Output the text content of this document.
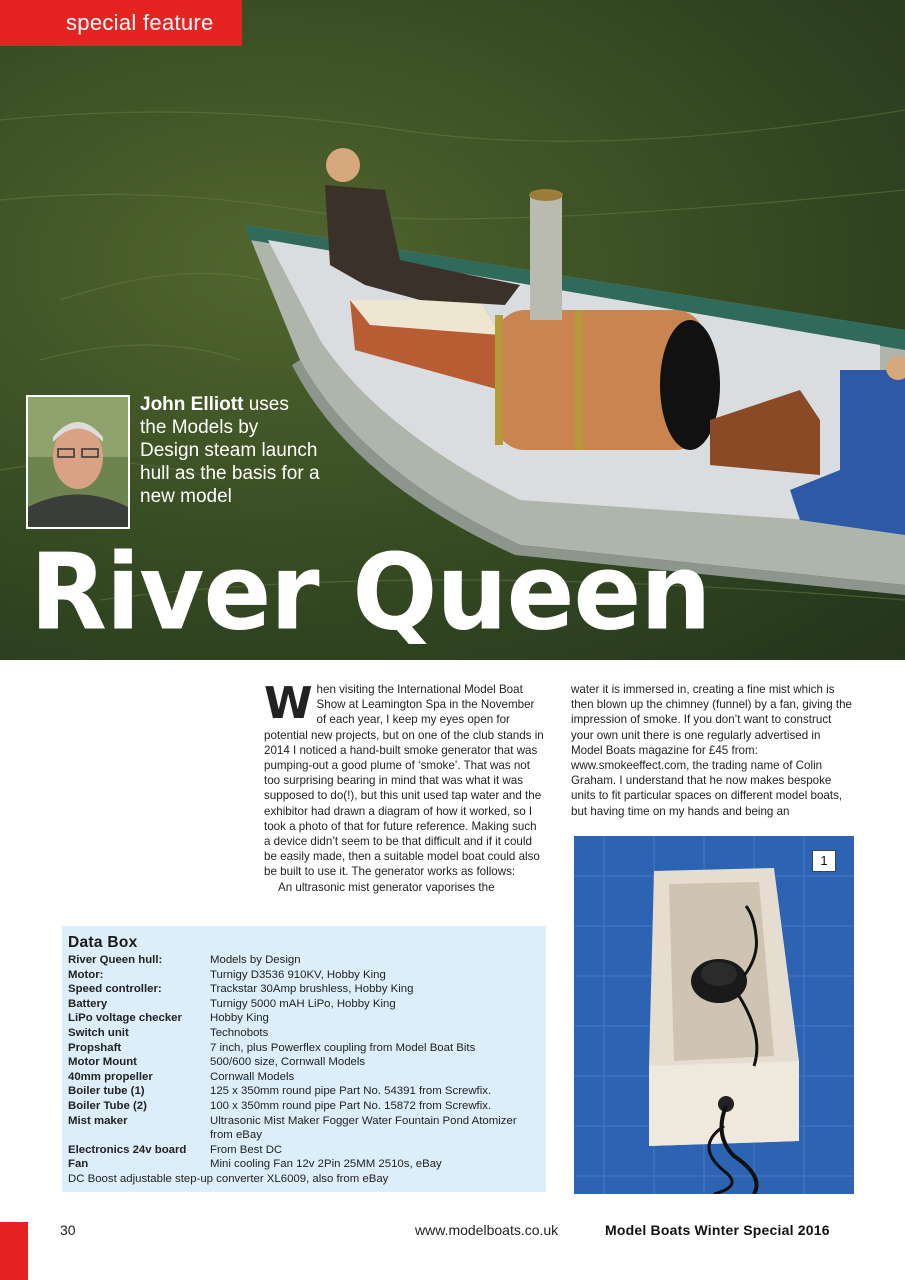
special feature
John Elliott uses the Models by Design steam launch hull as the basis for a new model
River Queen
W hen visiting the International Model Boat Show at Leamington Spa in the November of each year, I keep my eyes open for potential new projects, but on one of the club stands in 2014 I noticed a hand-built smoke generator that was pumping-out a good plume of ‘smoke’. That was not too surprising bearing in mind that was what it was supposed to do(!), but this unit used tap water and the exhibitor had drawn a diagram of how it worked, so I took a photo of that for future reference. Making such a device didn’t seem to be that difficult and if it could be easily made, then a suitable model boat could also be built to use it. The generator works as follows:

An ultrasonic mist generator vaporises the

water it is immersed in, creating a fine mist which is then blown up the chimney (funnel) by a fan, giving the impression of smoke. If you don’t want to construct your own unit there is one regularly advertised in Model Boats magazine for £45 from: www.smokeeffect.com, the trading name of Colin Graham. I understand that he now makes bespoke units to fit particular spaces on different model boats, but having time on my hands and being an

Data Box
River Queen hull:	Models by Design
Motor:	Turnigy D3536 910KV, Hobby King
Speed controller:	Trackstar 30Amp brushless, Hobby King
Battery	Turnigy 5000 mAH LiPo, Hobby King
LiPo voltage checker	Hobby King
Switch unit	Technobots
Propshaft	7 inch, plus Powerflex coupling from Model Boat Bits
Motor Mount	500/600 size, Cornwall Models
40mm propeller	Cornwall Models
Boiler tube (1)	125 x 350mm round pipe Part No. 54391 from Screwfix.
Boiler Tube (2)	100 x 350mm round pipe Part No. 15872 from Screwfix.
Mist maker	Ultrasonic Mist Maker Fogger Water Fountain Pond Atomizer from eBay
Electronics 24v board	From Best DC
Fan	Mini cooling Fan 12v 2Pin 25MM 2510s, eBay
DC Boost adjustable step-up converter XL6009, also from eBay
1
30	www.modelboats.co.uk	Model Boats Winter Special 2016
